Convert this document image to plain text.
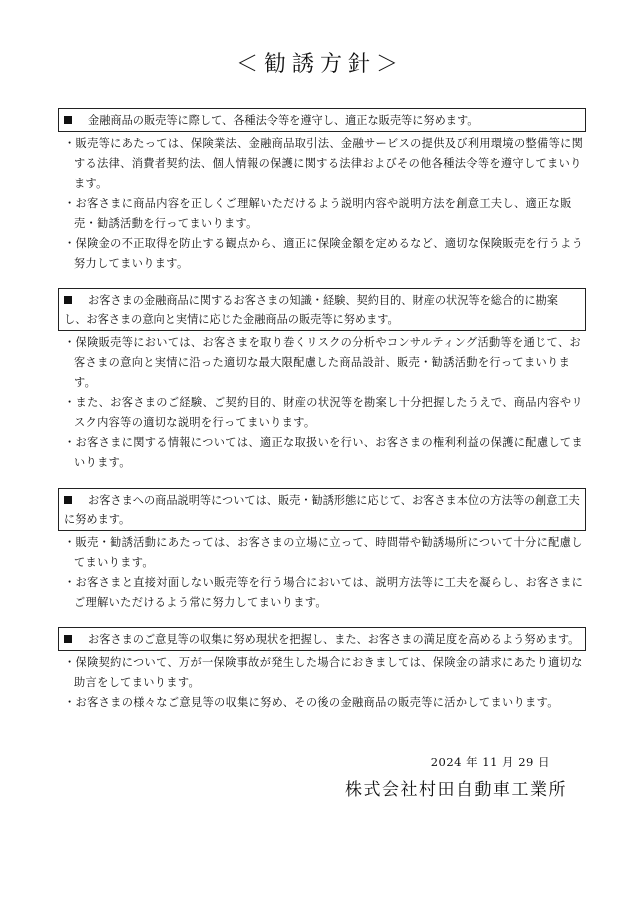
＜勧誘方針＞
金融商品の販売等に際して、各種法令等を遵守し、適正な販売等に努めます。
・販売等にあたっては、保険業法、金融商品取引法、金融サービスの提供及び利用環境の整備等に関する法律、消費者契約法、個人情報の保護に関する法律およびその他各種法令等を遵守してまいります。
・お客さまに商品内容を正しくご理解いただけるよう説明内容や説明方法を創意工夫し、適正な販売・勧誘活動を行ってまいります。
・保険金の不正取得を防止する観点から、適正に保険金額を定めるなど、適切な保険販売を行うよう努力してまいります。
お客さまの金融商品に関するお客さまの知識・経験、契約目的、財産の状況等を総合的に勘案し、お客さまの意向と実情に応じた金融商品の販売等に努めます。
・保険販売等においては、お客さまを取り巻くリスクの分析やコンサルティング活動等を通じて、お客さまの意向と実情に沿った適切な最大限配慮した商品設計、販売・勧誘活動を行ってまいります。
・また、お客さまのご経験、ご契約目的、財産の状況等を勘案し十分把握したうえで、商品内容やリスク内容等の適切な説明を行ってまいります。
・お客さまに関する情報については、適正な取扱いを行い、お客さまの権利利益の保護に配慮してまいります。
お客さまへの商品説明等については、販売・勧誘形態に応じて、お客さま本位の方法等の創意工夫に努めます。
・販売・勧誘活動にあたっては、お客さまの立場に立って、時間帯や勧誘場所について十分に配慮してまいります。
・お客さまと直接対面しない販売等を行う場合においては、説明方法等に工夫を凝らし、お客さまにご理解いただけるよう常に努力してまいります。
お客さまのご意見等の収集に努め現状を把握し、また、お客さまの満足度を高めるよう努めます。
・保険契約について、万が一保険事故が発生した場合におきましては、保険金の請求にあたり適切な助言をしてまいります。
・お客さまの様々なご意見等の収集に努め、その後の金融商品の販売等に活かしてまいります。
2024 年 11 月 29 日
株式会社村田自動車工業所
